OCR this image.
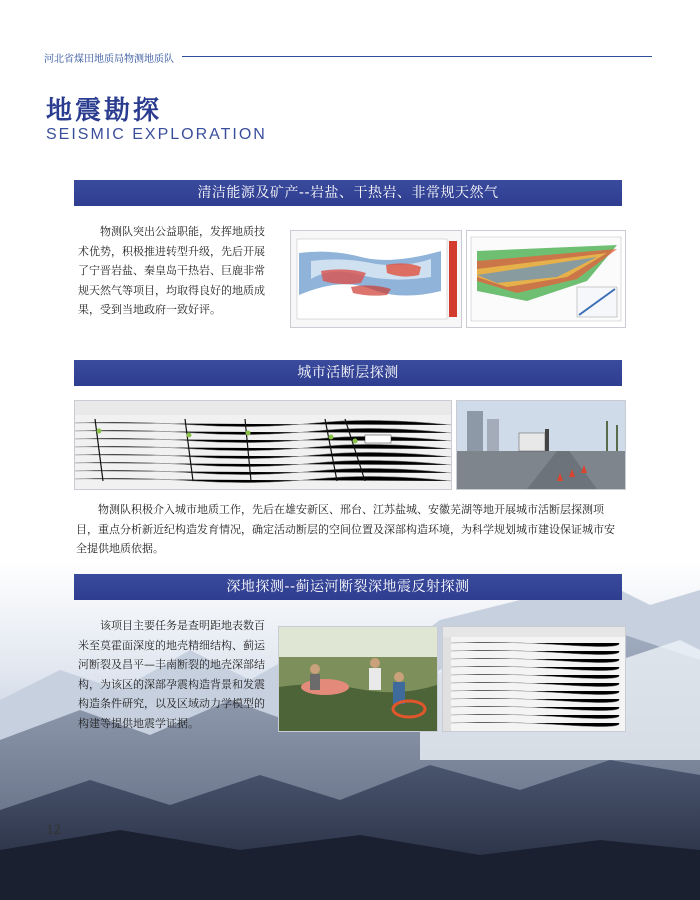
河北省煤田地质局物测地质队
地震勘探
SEISMIC EXPLORATION
清洁能源及矿产--岩盐、干热岩、非常规天然气
物测队突出公益职能，发挥地质技术优势，积极推进转型升级，先后开展了宁晋岩盐、秦皇岛干热岩、巨鹿非常规天然气等项目，均取得良好的地质成果，受到当地政府一致好评。
城市活断层探测
物测队积极介入城市地质工作，先后在雄安新区、邢台、江苏盐城、安徽芜湖等地开展城市活断层探测项目，重点分析新近纪构造发育情况，确定活动断层的空间位置及深部构造环境，为科学规划城市建设保证城市安全提供地质依据。
深地探测--蓟运河断裂深地震反射探测
该项目主要任务是查明距地表数百米至莫霍面深度的地壳精细结构、蓟运河断裂及昌平—丰南断裂的地壳深部结构，为该区的深部孕震构造背景和发震构造条件研究，以及区域动力学模型的构建等提供地震学证据。
12
